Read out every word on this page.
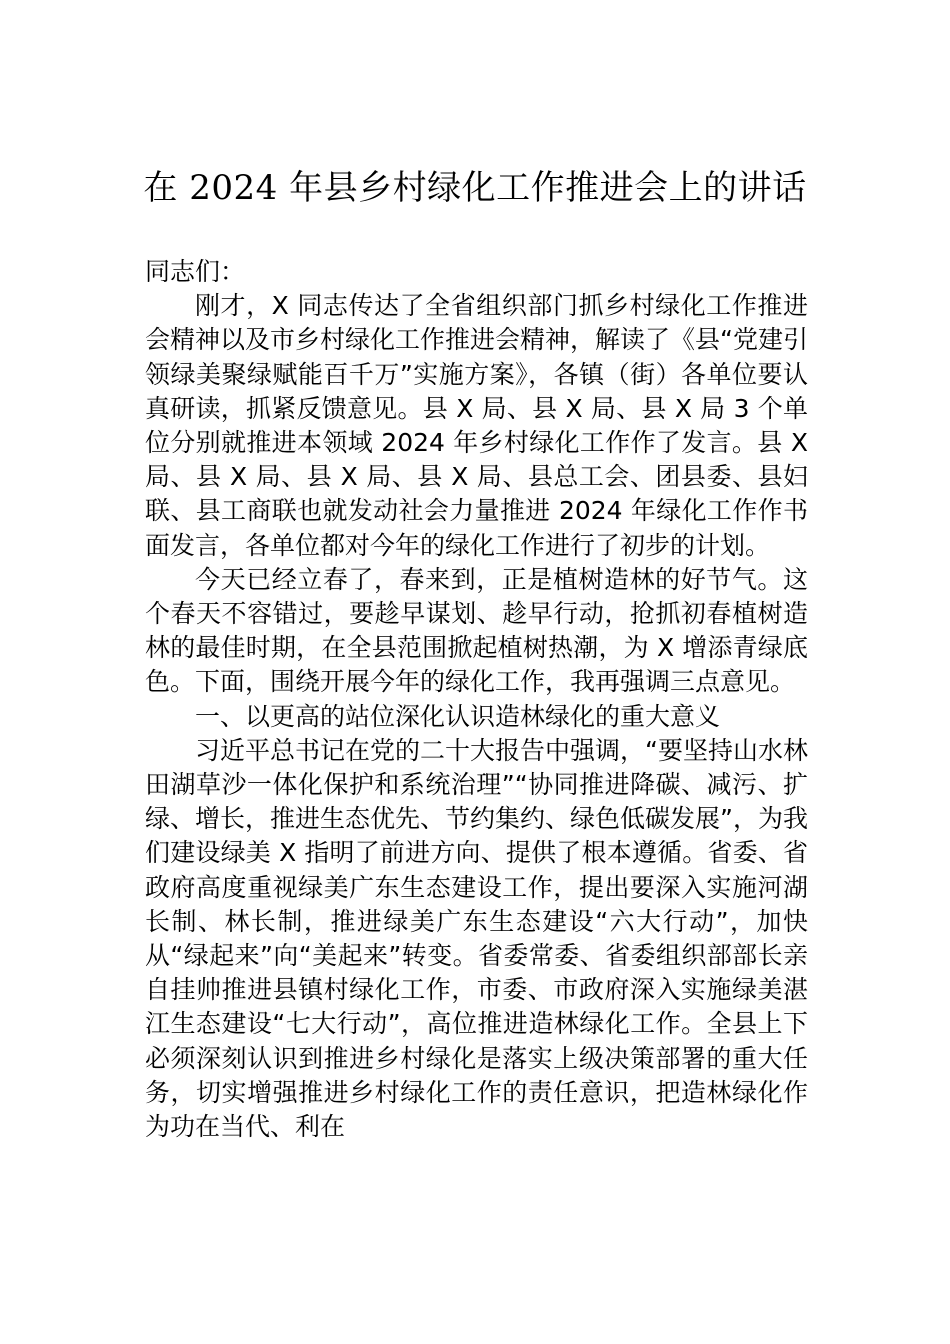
在 2024 年县乡村绿化工作推进会上的讲话

同志们：

刚才，X 同志传达了全省组织部门抓乡村绿化工作推进会精神以及市乡村绿化工作推进会精神，解读了《县“党建引领绿美聚绿赋能百千万”实施方案》，各镇（街）各单位要认真研读，抓紧反馈意见。县 X 局、县 X 局、县 X 局 3 个单位分别就推进本领域 2024 年乡村绿化工作作了发言。县 X 局、县 X 局、县 X 局、县 X 局、县总工会、团县委、县妇联、县工商联也就发动社会力量推进 2024 年绿化工作作书面发言，各单位都对今年的绿化工作进行了初步的计划。

今天已经立春了，春来到，正是植树造林的好节气。这个春天不容错过，要趁早谋划、趁早行动，抢抓初春植树造林的最佳时期，在全县范围掀起植树热潮，为 X 增添青绿底色。下面，围绕开展今年的绿化工作，我再强调三点意见。

一、以更高的站位深化认识造林绿化的重大意义

习近平总书记在党的二十大报告中强调，“要坚持山水林田湖草沙一体化保护和系统治理”“协同推进降碳、减污、扩绿、增长，推进生态优先、节约集约、绿色低碳发展”，为我们建设绿美 X 指明了前进方向、提供了根本遵循。省委、省政府高度重视绿美广东生态建设工作，提出要深入实施河湖长制、林长制，推进绿美广东生态建设“六大行动”，加快从“绿起来”向“美起来”转变。省委常委、省委组织部部长亲自挂帅推进县镇村绿化工作，市委、市政府深入实施绿美湛江生态建设“七大行动”，高位推进造林绿化工作。全县上下必须深刻认识到推进乡村绿化是落实上级决策部署的重大任务，切实增强推进乡村绿化工作的责任意识，把造林绿化作为功在当代、利在
